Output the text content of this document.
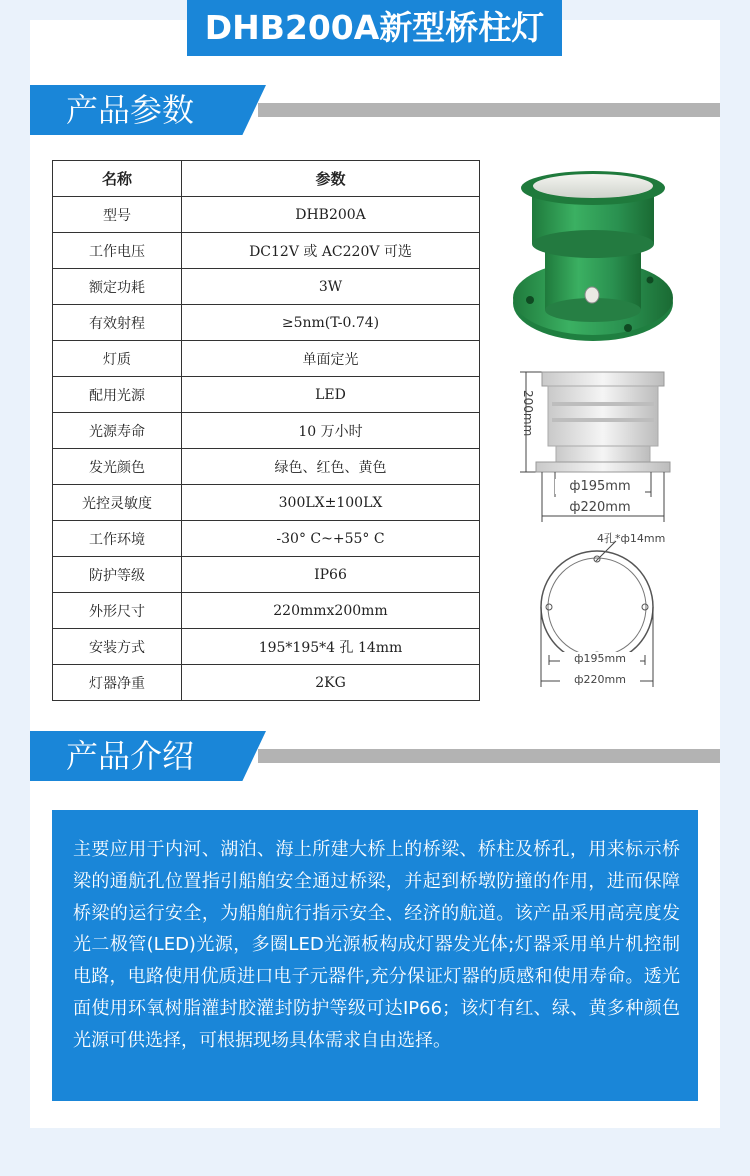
DHB200A新型桥柱灯
产品参数
名称	参数
型号	DHB200A
工作电压	DC12V 或 AC220V 可选
额定功耗	3W
有效射程	≥5nm(T-0.74)
灯质	单面定光
配用光源	LED
光源寿命	10 万小时
发光颜色	绿色、红色、黄色
光控灵敏度	300LX±100LX
工作环境	-30° C~+55° C
防护等级	IP66
外形尺寸	220mmx200mm
安装方式	195*195*4 孔 14mm
灯器净重	2KG
200mm
ф195mm
ф220mm
4孔*ф14mm
ф195mm
ф220mm
产品介绍

主要应用于内河、湖泊、海上所建大桥上的桥梁、桥柱及桥孔，用来标示桥梁的通航孔位置指引船舶安全通过桥梁，并起到桥墩防撞的作用，进而保障桥梁的运行安全，为船舶航行指示安全、经济的航道。该产品采用高亮度发光二极管(LED)光源，多圈LED光源板构成灯器发光体;灯器采用单片机控制电路，电路使用优质进口电子元器件,充分保证灯器的质感和使用寿命。透光面使用环氧树脂灌封胶灌封防护等级可达IP66；该灯有红、绿、黄多种颜色光源可供选择，可根据现场具体需求自由选择。
